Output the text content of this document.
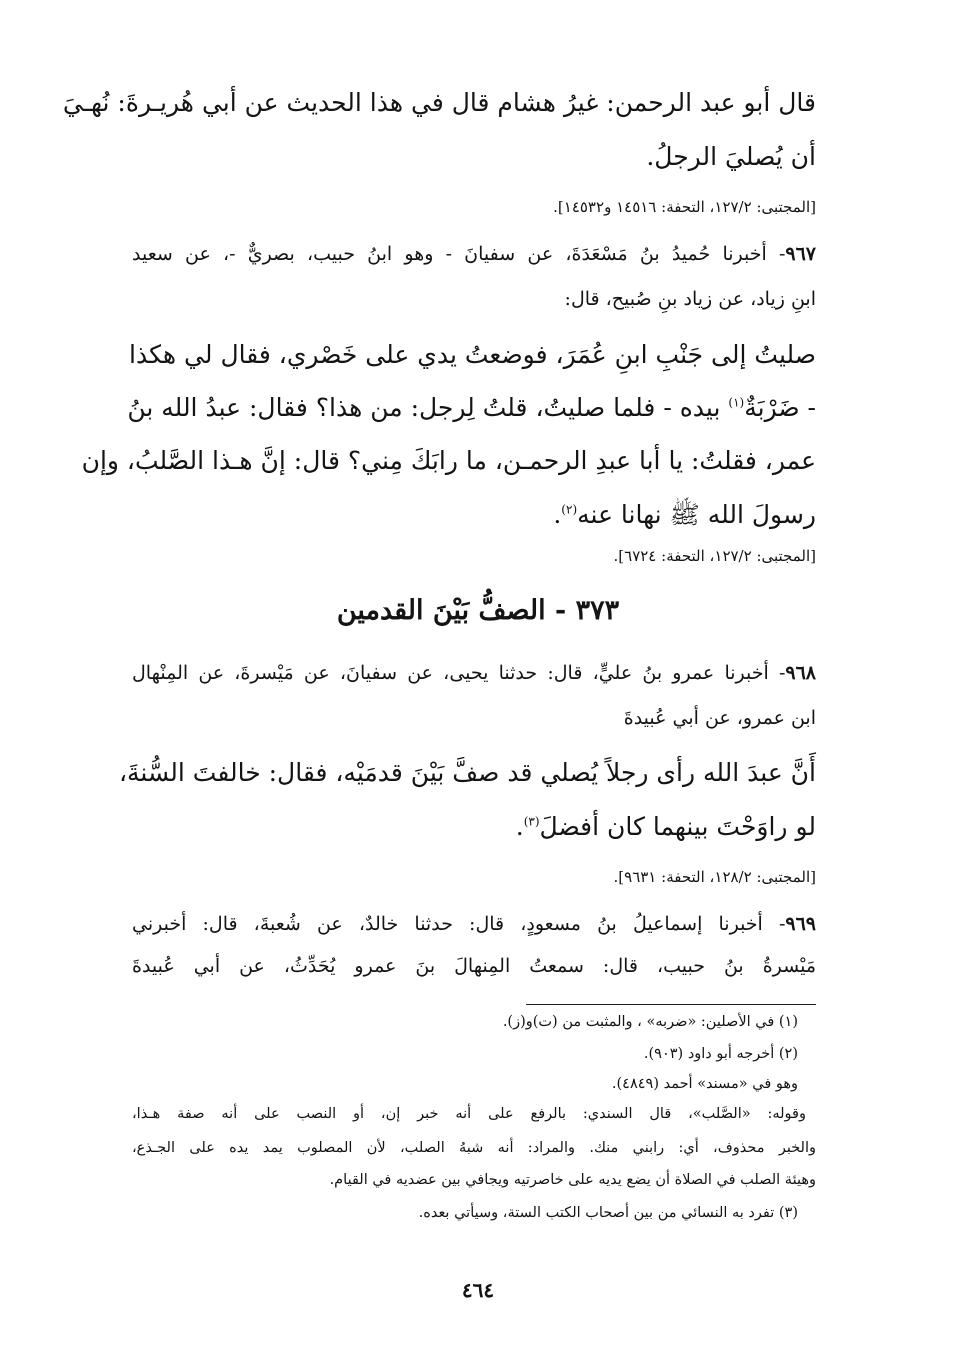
قال أبو عبد الرحمن: غيرُ هشام قال في هذا الحديث عن أبي هُريـرةَ: نُهـيَ
أن يُصليَ الرجلُ.
[المجتبى: ١٢٧/٢، التحفة: ١٤٥١٦ و١٤٥٣٢].
٩٦٧- أخبرنا حُميدُ بنُ مَسْعَدَةَ، عن سفيانَ - وهو ابنُ حبيب، بصريٌّ -، عن سعيد
ابنِ زياد، عن زياد بنِ صُبيح، قال:
صليتُ إلى جَنْبِ ابنِ عُمَرَ، فوضعتُ يدي على خَصْري، فقال لي هكذا
- ضَرْبَةٌ$^{(١)}$ بيده - فلما صليتُ، قلتُ لِرجل: من هذا؟ فقال: عبدُ الله بنُ
عمر، فقلتُ: يا أبا عبدِ الرحمـن، ما رابَكَ مِني؟ قال: إنَّ هـذا الصَّلبُ، وإن
رسولَ الله ﷺ نهانا عنه$^{(٢)}$.
[المجتبى: ١٢٧/٢، التحفة: ٦٧٢٤].
٣٧٣ - الصفُّ بَيْنَ القدمين
٩٦٨- أخبرنا عمرو بنُ عليٍّ، قال: حدثنا يحيى، عن سفيانَ، عن مَيْسرةَ، عن المِنْهال
ابن عمرو، عن أبي عُبيدةَ
أَنَّ عبدَ الله رأى رجلاً يُصلي قد صفَّ بَيْنَ قدمَيْه، فقال: خالفتَ السُّنةَ،
لو راوَحْتَ بينهما كان أفضلَ$^{(٣)}$.
[المجتبى: ١٢٨/٢، التحفة: ٩٦٣١].
٩٦٩- أخبرنا إسماعيلُ بنُ مسعودٍ، قال: حدثنا خالدٌ، عن شُعبةَ، قال: أخبرني
مَيْسرةُ بنُ حبيب، قال: سمعتُ المِنهالَ بنَ عمرو يُحَدِّثُ، عن أبي عُبيدةَ
(١) في الأصلين: «ضربه» ، والمثبت من (ت)و(ز).
(٢) أخرجه أبو داود (٩٠٣).
وهو في «مسند» أحمد (٤٨٤٩).
وقوله: «الصَّلب»، قال السندي: بالرفع على أنه خبر إن، أو النصب على أنه صفة هـذا،
والخبر محذوف، أي: رابني منك. والمراد: أنه شبهُ الصلب، لأن المصلوب يمد يده على الجـذع،
وهيئة الصلب في الصلاة أن يضع يديه على خاصرتيه ويجافي بين عضديه في القيام.
(٣) تفرد به النسائي من بين أصحاب الكتب الستة، وسيأتي بعده.
٤٦٤
